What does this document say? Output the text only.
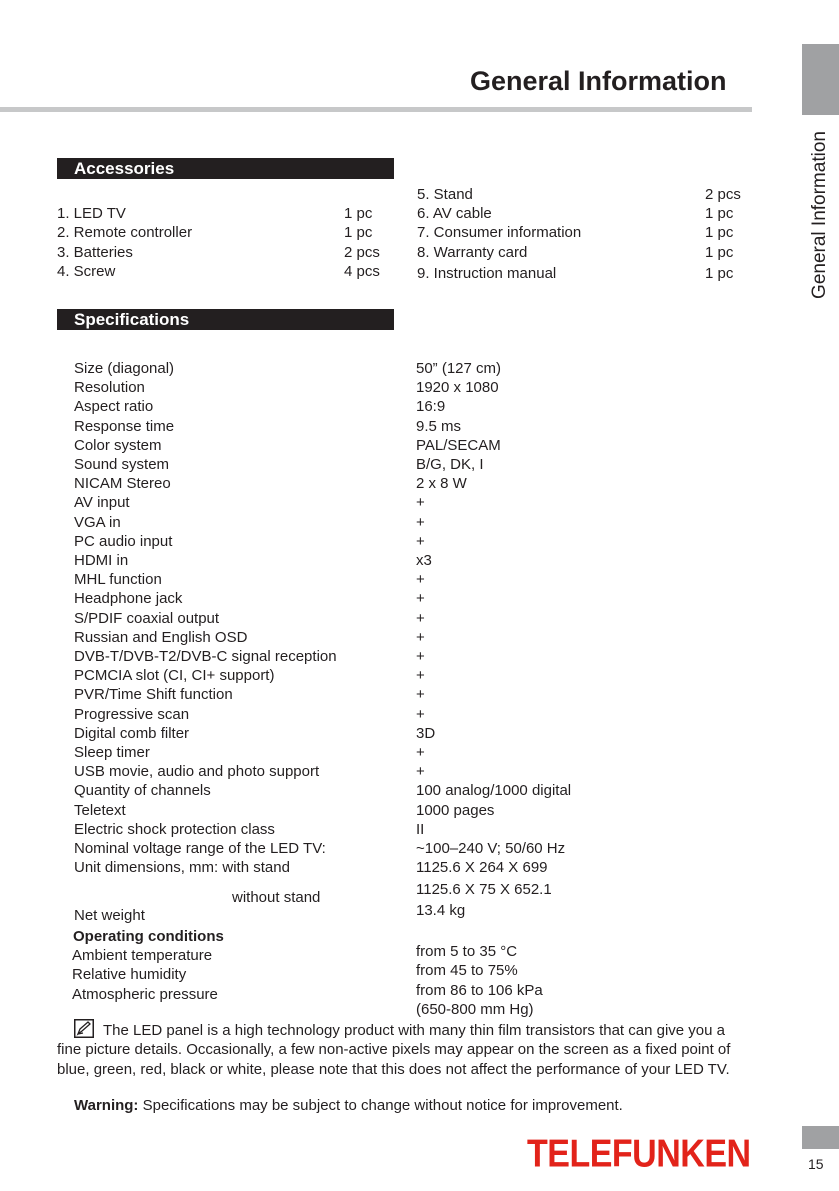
General Information
General Information
Accessories
1. LED TV	1 pc
2. Remote controller	1 pc
3. Batteries	2 pcs
4. Screw	4 pcs
5. Stand	2 pcs
6. AV cable	1 pc
7. Consumer information	1 pc
8. Warranty card	1 pc
9. Instruction manual	1 pc
Specifications
Size (diagonal)	50” (127 cm)
Resolution	1920 x 1080
Aspect ratio	16:9
Response time	9.5 ms
Color system	PAL/SECAM
Sound system	B/G, DK, I
NICAM Stereo	2 x 8 W
AV input	+
VGA in	+
PC audio input	+
HDMI in	x3
MHL function	+
Headphone jack	+
S/PDIF coaxial output	+
Russian and English OSD	+
DVB-T/DVB-T2/DVB-C signal reception	+
PCMCIA slot (CI, CI+ support)	+
PVR/Time Shift function	+
Progressive scan	+
Digital comb filter	3D
Sleep timer	+
USB movie, audio and photo support	+
Quantity of channels	100 analog/1000 digital
Teletext	1000 pages
Electric shock protection class	II
Nominal voltage range of the LED TV:	~100–240 V; 50/60 Hz
Unit dimensions, mm: with stand	1125.6 X 264 X 699
without stand	1125.6 X 75 X 652.1
Net weight	13.4 kg
Operating conditions
Ambient temperature	from 5 to 35 °C
Relative humidity	from 45 to 75%
Atmospheric pressure	from 86 to 106 kPa
(650-800 mm Hg)
The LED panel is a high technology product with many thin film transistors that can give you a fine picture details. Occasionally, a few non-active pixels may appear on the screen as a fixed point of blue, green, red, black or white, please note that this does not affect the performance of your LED TV.
Warning: Specifications may be subject to change without notice for improvement.
TELEFUNKEN	15
